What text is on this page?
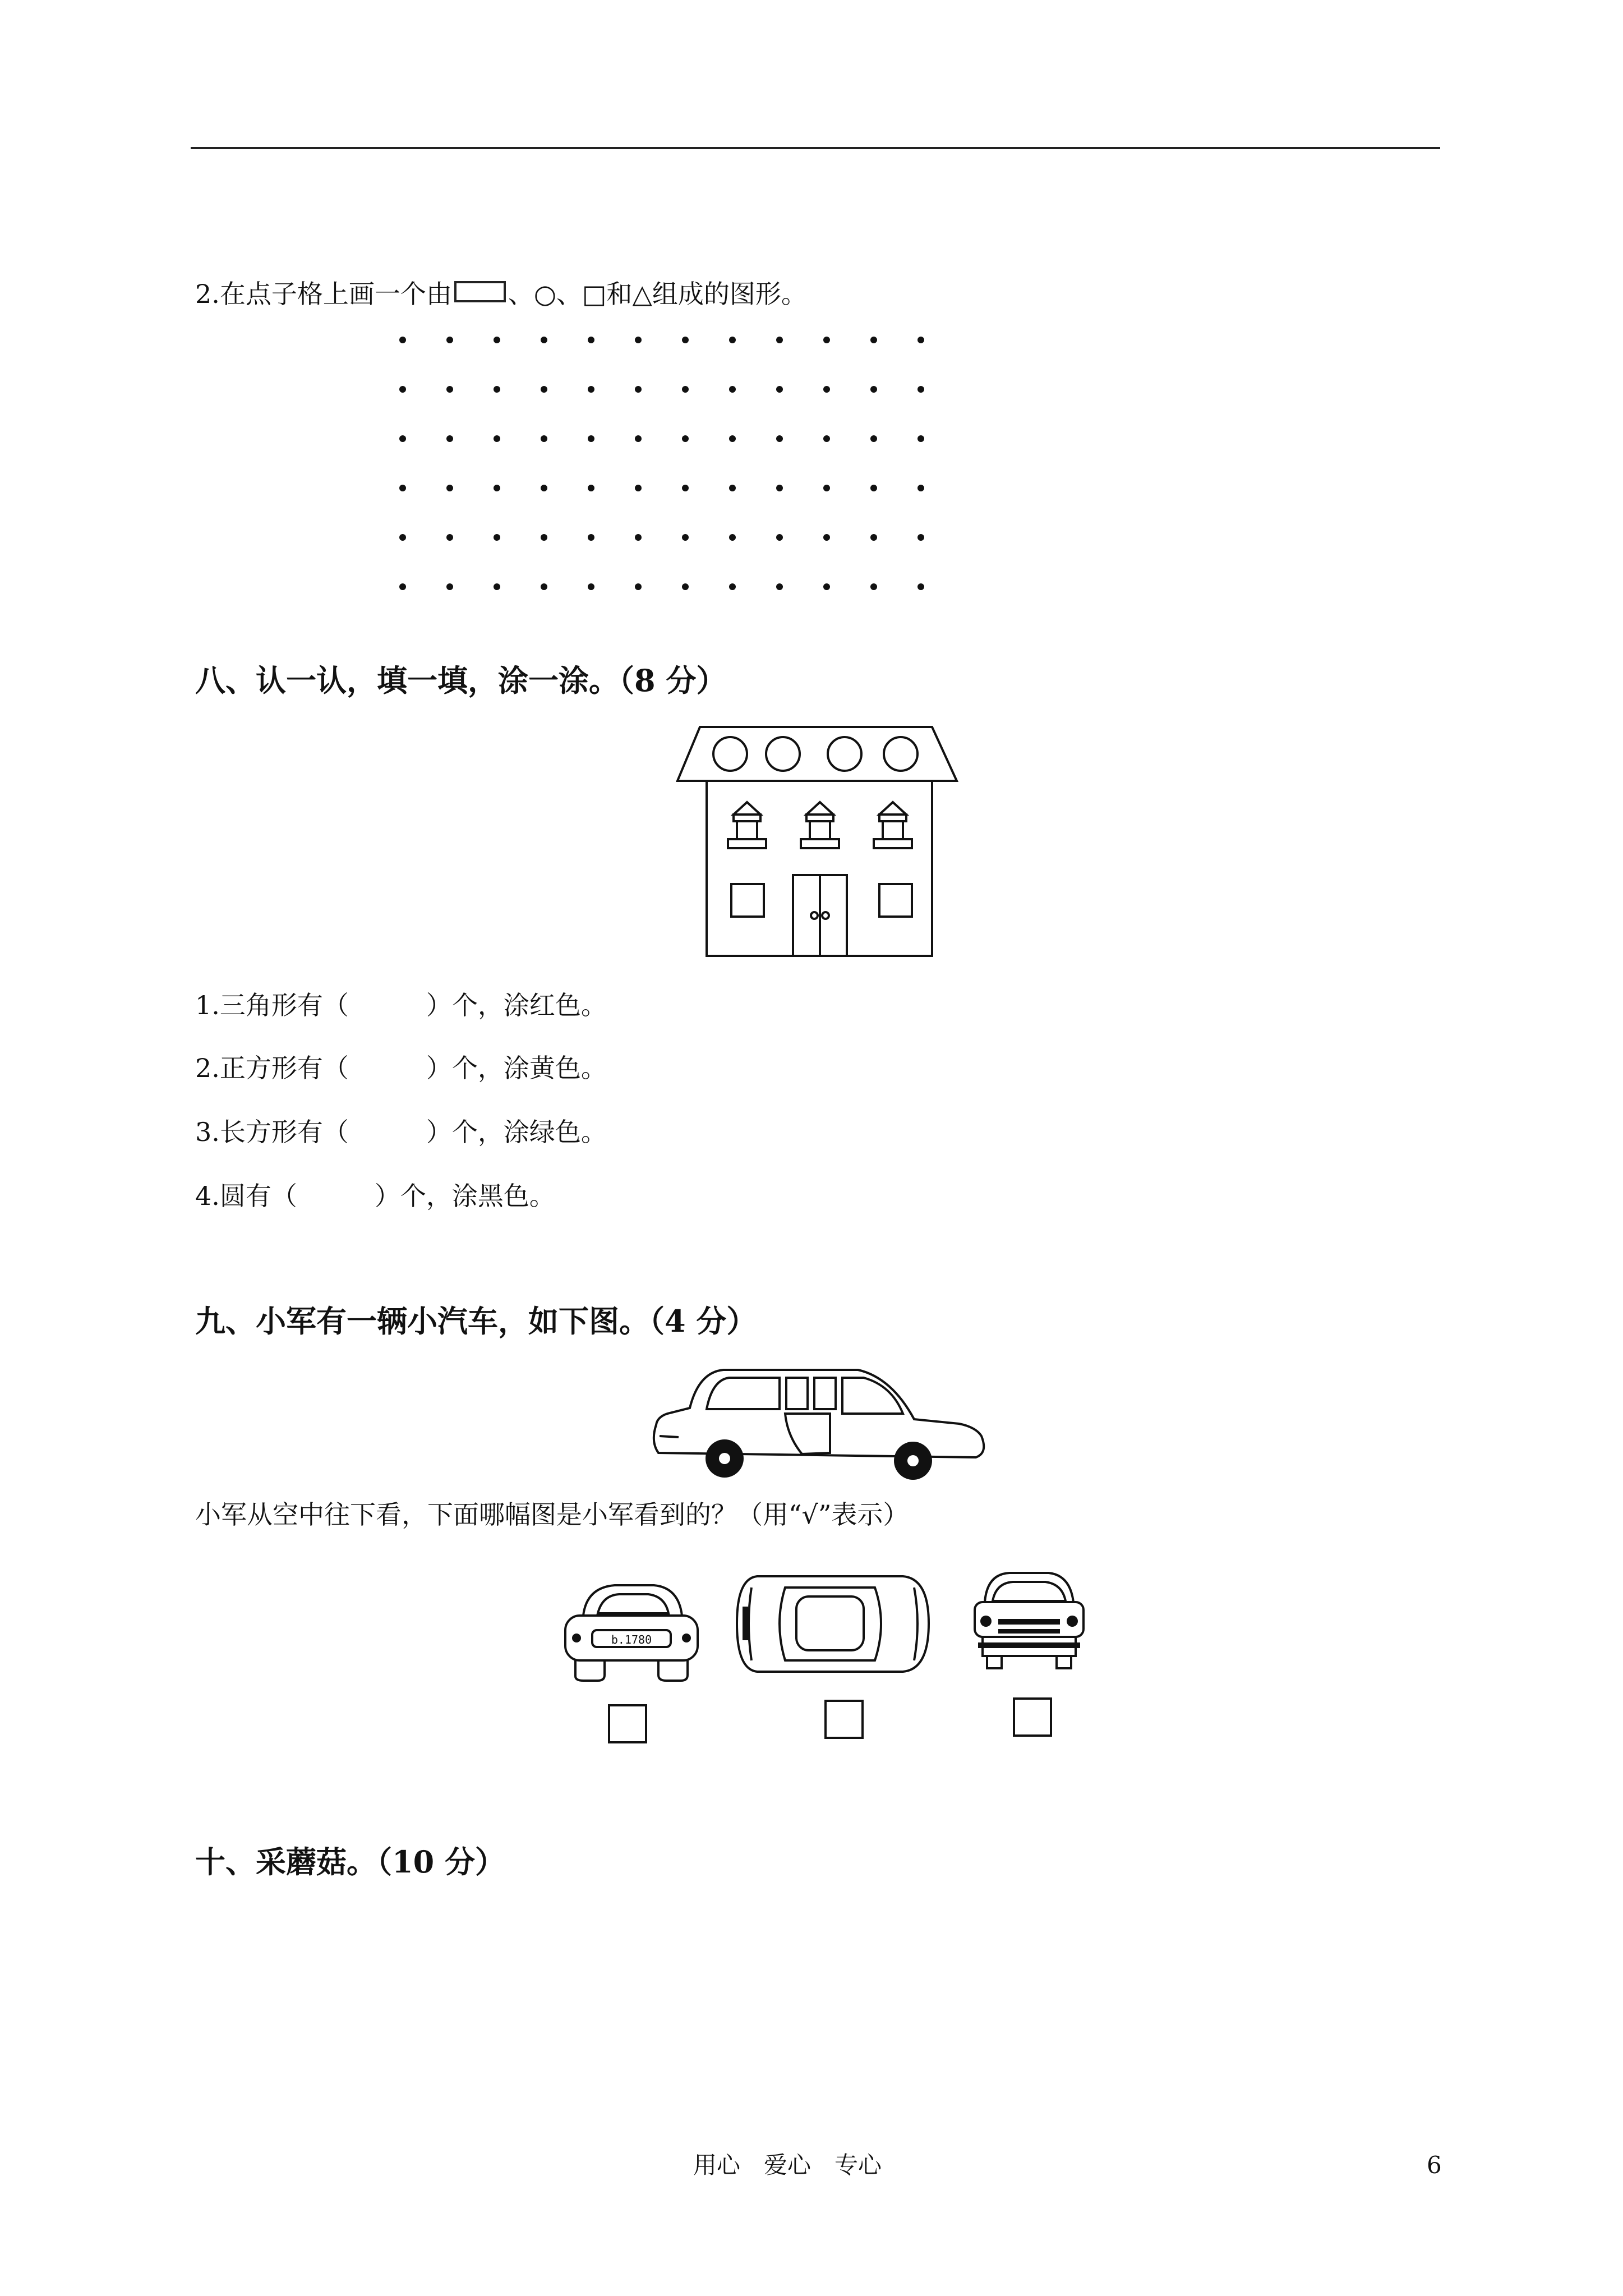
2.在点子格上画一个由 、○、□和△组成的图形。
八、认一认，填一填，涂一涂。（8 分）
1.三角形有（　　　）个，涂红色。
2.正方形有（　　　）个，涂黄色。
3.长方形有（　　　）个，涂绿色。
4.圆有（　　　）个，涂黑色。
九、小军有一辆小汽车，如下图。（4 分）
小军从空中往下看，下面哪幅图是小军看到的？（用“√”表示）
b.1780
十、采蘑菇。（10 分）
用心　爱心　专心	6
